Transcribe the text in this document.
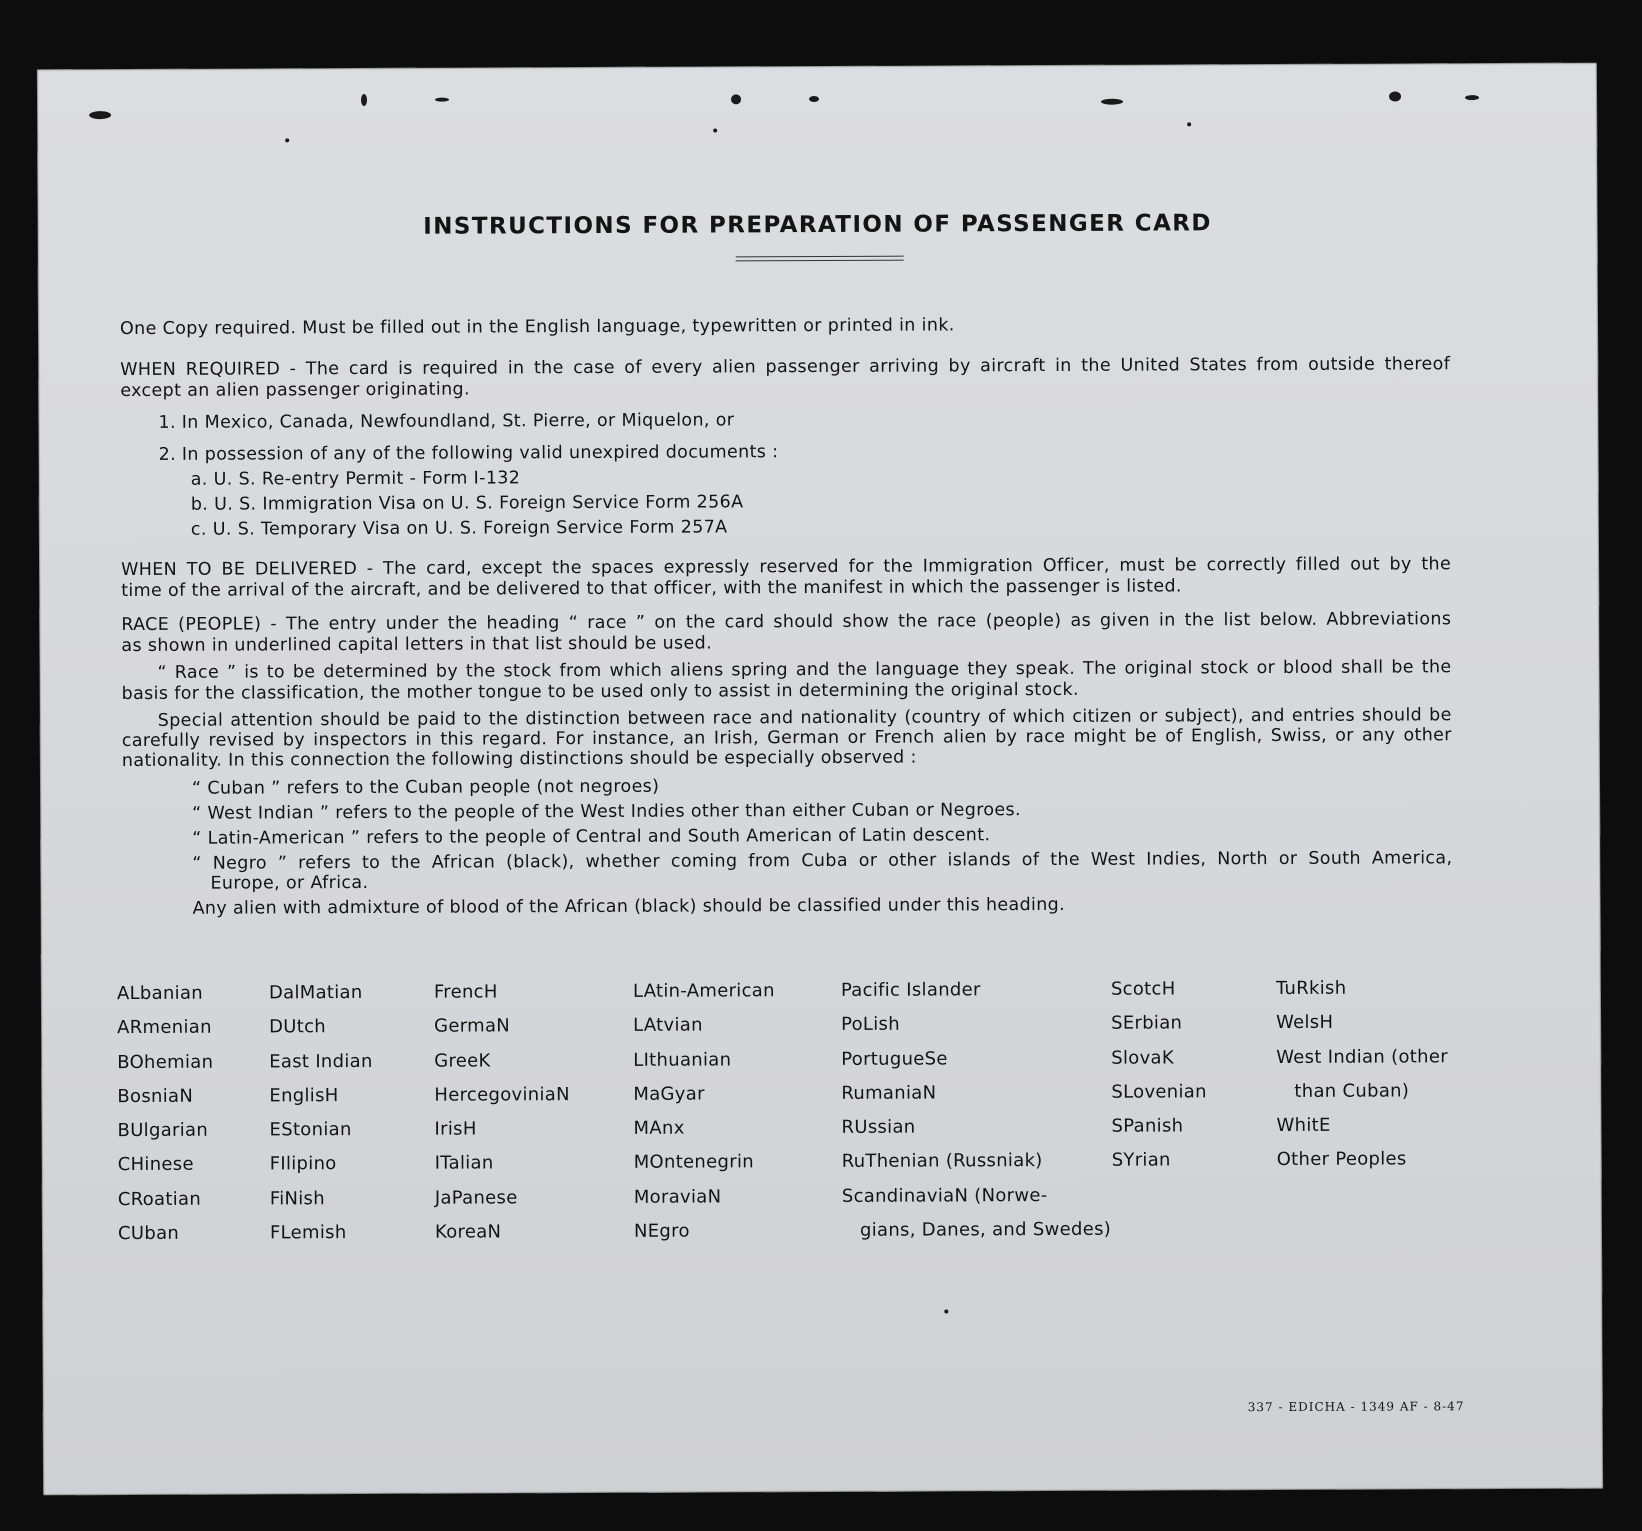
INSTRUCTIONS FOR PREPARATION OF PASSENGER CARD
One Copy required. Must be filled out in the English language, typewritten or printed in ink.
WHEN REQUIRED - The card is required in the case of every alien passenger arriving by aircraft in the United States from outside thereof
except an alien passenger originating.
1. In Mexico, Canada, Newfoundland, St. Pierre, or Miquelon, or
2. In possession of any of the following valid unexpired documents :
a. U. S. Re-entry Permit - Form I-132
b. U. S. Immigration Visa on U. S. Foreign Service Form 256A
c. U. S. Temporary Visa on U. S. Foreign Service Form 257A
WHEN TO BE DELIVERED - The card, except the spaces expressly reserved for the Immigration Officer, must be correctly filled out by the
time of the arrival of the aircraft, and be delivered to that officer, with the manifest in which the passenger is listed.
RACE (PEOPLE) - The entry under the heading “ race ” on the card should show the race (people) as given in the list below. Abbreviations
as shown in underlined capital letters in that list should be used.
“ Race ” is to be determined by the stock from which aliens spring and the language they speak. The original stock or blood shall be the
basis for the classification, the mother tongue to be used only to assist in determining the original stock.
Special attention should be paid to the distinction between race and nationality (country of which citizen or subject), and entries should be
carefully revised by inspectors in this regard. For instance, an Irish, German or French alien by race might be of English, Swiss, or any other
nationality. In this connection the following distinctions should be especially observed :
“ Cuban ” refers to the Cuban people (not negroes)
“ West Indian ” refers to the people of the West Indies other than either Cuban or Negroes.
“ Latin-American ” refers to the people of Central and South American of Latin descent.
“ Negro ” refers to the African (black), whether coming from Cuba or other islands of the West Indies, North or South America,
Europe, or Africa.
Any alien with admixture of blood of the African (black) should be classified under this heading.
ALbanian
ARmenian
BOhemian
BosniaN
BUlgarian
CHinese
CRoatian
CUban
DalMatian
DUtch
East Indian
EnglisH
EStonian
FIlipino
FiNish
FLemish
FrencH
GermaN
GreeK
HercegoviniaN
IrisH
ITalian
JaPanese
KoreaN
LAtin-American
LAtvian
LIthuanian
MaGyar
MAnx
MOntenegrin
MoraviaN
NEgro
Pacific Islander
PoLish
PortugueSe
RumaniaN
RUssian
RuThenian (Russniak)
ScandinaviaN (Norwe-
gians, Danes, and Swedes)
ScotcH
SErbian
SlovaK
SLovenian
SPanish
SYrian
TuRkish
WelsH
West Indian (other
than Cuban)
WhitE
Other Peoples
337 - EDICHA - 1349 AF - 8-47
